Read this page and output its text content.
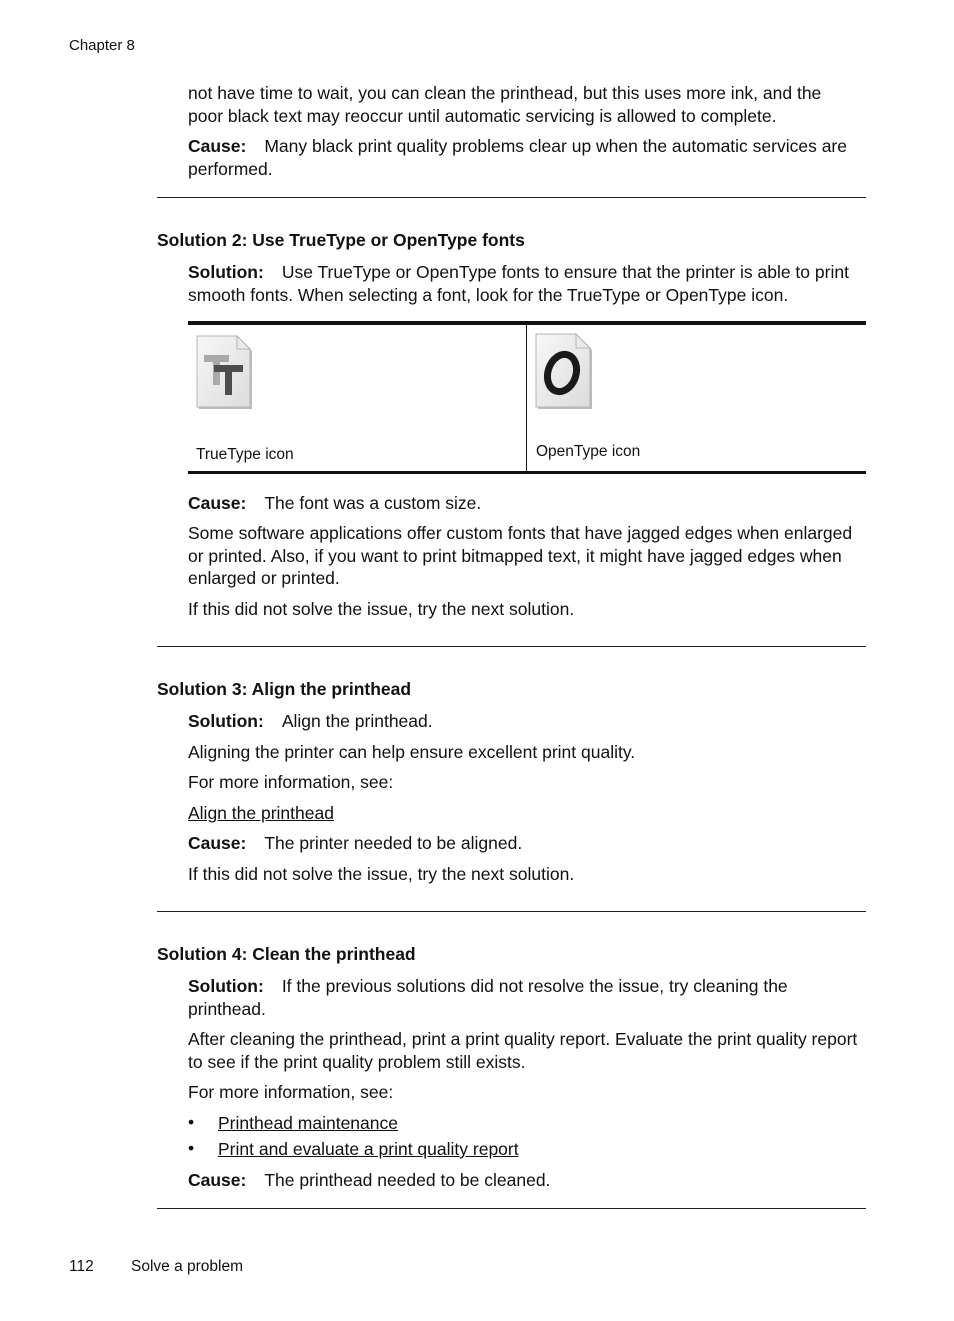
Chapter 8

not have time to wait, you can clean the printhead, but this uses more ink, and the
poor black text may reoccur until automatic servicing is allowed to complete.

Cause: Many black print quality problems clear up when the automatic services are performed.

Solution 2: Use TrueType or OpenType fonts

Solution: Use TrueType or OpenType fonts to ensure that the printer is able to print smooth fonts. When selecting a font, look for the TrueType or OpenType icon.

TrueType icon	OpenType icon

Cause: The font was a custom size.

Some software applications offer custom fonts that have jagged edges when enlarged or printed. Also, if you want to print bitmapped text, it might have jagged edges when enlarged or printed.

If this did not solve the issue, try the next solution.

Solution 3: Align the printhead

Solution: Align the printhead.

Aligning the printer can help ensure excellent print quality.

For more information, see:

Align the printhead

Cause: The printer needed to be aligned.

If this did not solve the issue, try the next solution.

Solution 4: Clean the printhead

Solution: If the previous solutions did not resolve the issue, try cleaning the printhead.

After cleaning the printhead, print a print quality report. Evaluate the print quality report to see if the print quality problem still exists.

For more information, see:

• Printhead maintenance

• Print and evaluate a print quality report

Cause: The printhead needed to be cleaned.

112 Solve a problem
